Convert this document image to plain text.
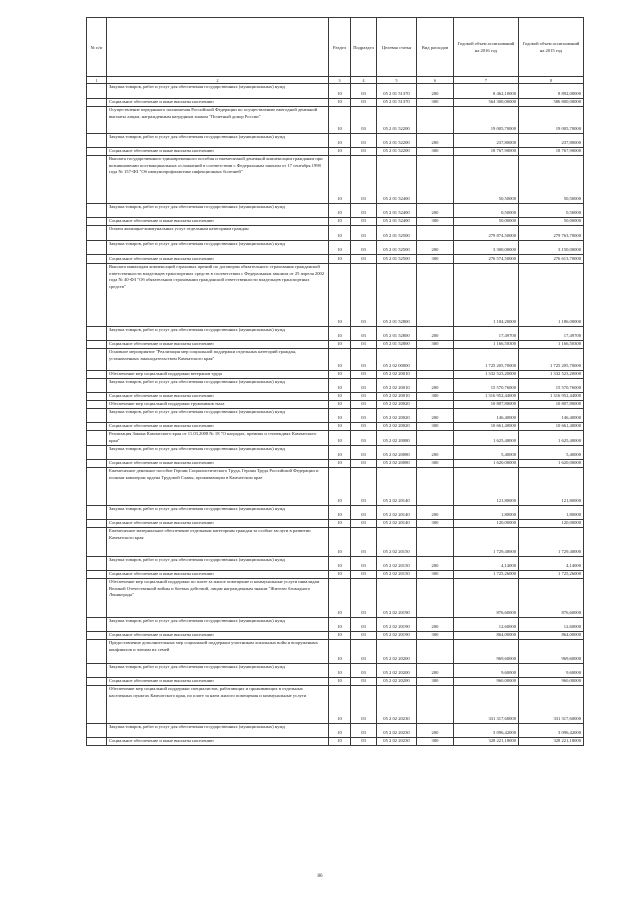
№ п/п		Раздел	Подраздел	Целевая статья	Вид расходов	Годовой объем ассигнований на 2016 год	Годовой объем ассигнований на 2015 год
1	2	3	4	5	6	7	8
	Закупка товаров, работ и услуг для обеспечения государственных (муниципальных) нужд	10	03	05 2 01 51370	200	8 462,10000	8 892,00000
	Социальное обеспечение и иные выплаты населению	10	03	05 2 01 51370	300	564 300,00000	586 800,00000
	Осуществление переданного полномочия Российской Федерации по осуществлению ежегодной денежной выплаты лицам, награжденным нагрудным знаком "Почетный донор России"	10	03	05 2 01 52200		19 005,70000	19 005,70000
	Закупка товаров, работ и услуг для обеспечения государственных (муниципальных) нужд	10	03	05 2 01 52200	200	237,80000	237,80000
	Социальное обеспечение и иные выплаты населению	10	03	05 2 01 52200	300	18 767,90000	18 767,90000
	Выплата государственного единовременного пособия и ежемесячной денежной компенсации гражданам при возникновении поствакцинальных осложнений в соответствии с Федеральным законом от 17 сентября 1998 года № 157-ФЗ "Об иммунопрофилактике инфекционных болезней"	10	03	05 2 01 52400		50,50000	50,50000
	Закупка товаров, работ и услуг для обеспечения государственных (муниципальных) нужд	10	03	05 2 01 52400	200	0,50000	0,50000
	Социальное обеспечение и иные выплаты населению	10	03	05 2 01 52400	300	50,00000	50,00000
	Оплата жилищно-коммунальных услуг отдельным категориям граждан	10	03	05 2 01 52500		279 874,50000	279 763,70000
	Закупка товаров, работ и услуг для обеспечения государственных (муниципальных) нужд	10	03	05 2 01 52500	200	3 300,00000	3 150,00000
	Социальное обеспечение и иные выплаты населению	10	03	05 2 01 52500	300	276 574,50000	276 613,70000
	Выплата инвалидам компенсаций страховых премий по договорам обязательного страхования гражданской ответственности владельцев транспортных средств в соответствии с Федеральным законом от 25 апреля 2002 года № 40-ФЗ "Об обязательном страховании гражданской ответственности владельцев транспортных средств"	10	03	05 2 01 52800		1 184,20000	1 186,00000
	Закупка товаров, работ и услуг для обеспечения государственных (муниципальных) нужд	10	03	05 2 01 52800	200	17,49700	17,49700
	Социальное обеспечение и иные выплаты населению	10	03	05 2 01 52800	300	1 166,50300	1 166,50300
	Основное мероприятие "Реализация мер социальной поддержки отдельных категорий граждан, установленных законодательством Камчатского края"	10	03	05 2 02 00000		1 725 205,70000	1 725 205,70000
	Обеспечение мер социальной поддержки ветеранов труда	10	03	05 2 02 20010		1 332 523,20000	1 332 523,20000
	Закупка товаров, работ и услуг для обеспечения государственных (муниципальных) нужд	10	03	05 2 02 20010	200	15 570,76000	15 570,76000
	Социальное обеспечение и иные выплаты населению	10	03	05 2 02 20010	300	1 316 952,44000	1 316 952,44000
	Обеспечение мер социальной поддержки тружеников тыла	10	03	05 2 02 20020		10 807,80000	10 807,80000
	Закупка товаров, работ и услуг для обеспечения государственных (муниципальных) нужд	10	03	05 2 02 20020	200	146,40000	146,40000
	Социальное обеспечение и иные выплаты населению	10	03	05 2 02 20020	300	10 661,40000	10 661,40000
	Реализация Закона Камчатского края от 11.03.2008 № 18 "О наградах, премиях и стипендиях Камчатского края"	10	03	05 2 02 20080		1 625,40000	1 625,40000
	Закупка товаров, работ и услуг для обеспечения государственных (муниципальных) нужд	10	03	05 2 02 20080	200	5,40000	5,40000
	Социальное обеспечение и иные выплаты населению	10	03	05 2 02 20080	300	1 620,00000	1 620,00000
	Ежемесячное денежное пособие Героям Социалистического Труда, Героям Труда Российской Федерации и полным кавалерам ордена Трудовой Славы, проживающим в Камчатском крае	10	03	05 2 02 20140		121,80000	121,80000
	Закупка товаров, работ и услуг для обеспечения государственных (муниципальных) нужд	10	03	05 2 02 20140	200	1,80000	1,80000
	Социальное обеспечение и иные выплаты населению	10	03	05 2 02 20140	300	120,00000	120,00000
	Ежемесячное материальное обеспечение отдельным категориям граждан за особые заслуги в развитии Камчатского края	10	03	05 2 02 20150		1 729,40000	1 729,40000
	Закупка товаров, работ и услуг для обеспечения государственных (муниципальных) нужд	10	03	05 2 02 20150	200	4,14000	4,14000
	Социальное обеспечение и иные выплаты населению	10	03	05 2 02 20150	300	1 725,26000	1 725,26000
	Обеспечение мер социальной поддержки по плате за жилое помещение и коммунальные услуги инвалидам Великой Отечественной войны и боевых действий, лицам награжденным знаком "Жителю блокадного Ленинграда"	10	03	05 2 02 20190		876,60000	876,60000
	Закупка товаров, работ и услуг для обеспечения государственных (муниципальных) нужд	10	03	05 2 02 20190	200	12,60000	12,60000
	Социальное обеспечение и иные выплаты населению	10	03	05 2 02 20190	300	864,00000	864,00000
	Предоставление дополнительных мер социальной поддержки участникам локальных войн и вооруженных конфликтов и членам их семей	10	03	05 2 02 20200		969,60000	969,60000
	Закупка товаров, работ и услуг для обеспечения государственных (муниципальных) нужд	10	03	05 2 02 20200	200	9,60000	9,60000
	Социальное обеспечение и иные выплаты населению	10	03	05 2 02 20200	300	960,00000	960,00000
	Обеспечение мер социальной поддержки специалистов, работающих и проживающих в отдельных населенных пунктах Камчатского края, по плате за наем жилого помещения и коммунальные услуги	10	03	05 2 02 20230		331 317,60000	331 317,60000
	Закупка товаров, работ и услуг для обеспечения государственных (муниципальных) нужд	10	03	05 2 02 20230	200	3 096,42000	3 096,42000
	Социальное обеспечение и иные выплаты населению	10	03	05 2 02 20230	300	328 221,18000	328 221,18000
86
